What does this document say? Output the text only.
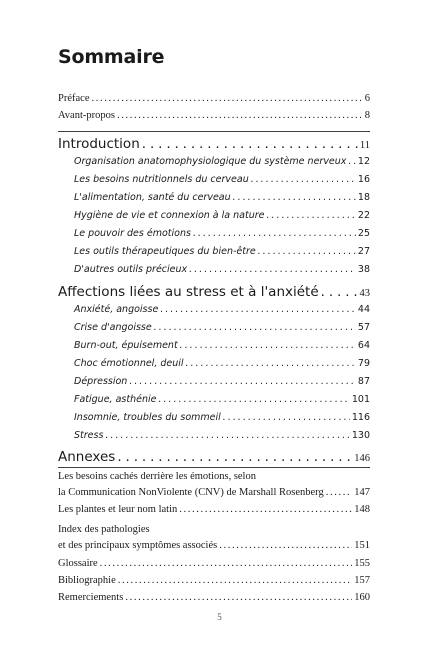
Sommaire
Préface . . .	6
Avant-propos . . .	8
Introduction . . .	11
Organisation anatomophysiologique du système nerveux . . . 12
Les besoins nutritionnels du cerveau . . .	16
L'alimentation, santé du cerveau . . .	18
Hygiène de vie et connexion à la nature . . .	22
Le pouvoir des émotions . . .	25
Les outils thérapeutiques du bien-être . . .	27
D'autres outils précieux . . .	38
Affections liées au stress et à l'anxiété . . .	43
Anxiété, angoisse . . .	44
Crise d'angoisse . . .	57
Burn-out, épuisement . . .	64
Choc émotionnel, deuil . . .	79
Dépression . . .	87
Fatigue, asthénie . . .	101
Insomnie, troubles du sommeil . . .	116
Stress . . .	130
Annexes . . .	146
Les besoins cachés derrière les émotions, selon
la Communication NonViolente (CNV) de Marshall Rosenberg . . .	147
Les plantes et leur nom latin . . .	148
Index des pathologies
et des principaux symptômes associés . . .	151
Glossaire . . .	155
Bibliographie . . .	157
Remerciements . . .	160
5
